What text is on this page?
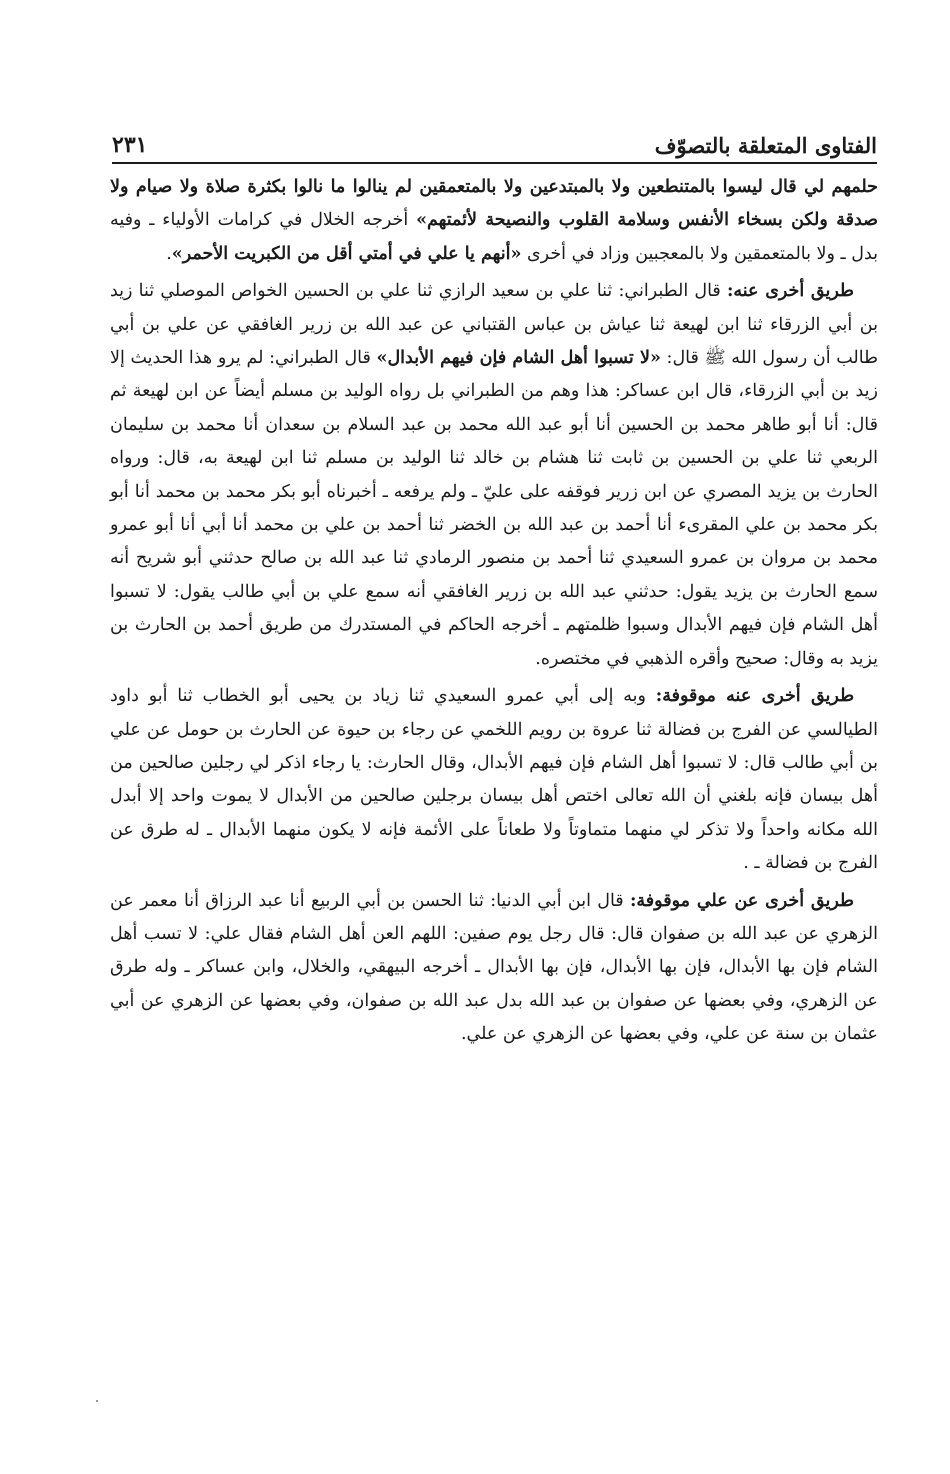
الفتاوى المتعلقة بالتصوّف
٢٣١

حلمهم لي قال ليسوا بالمتنطعين ولا بالمبتدعين ولا بالمتعمقين لم ينالوا ما نالوا بكثرة صلاة ولا صيام ولا صدقة ولكن بسخاء الأنفس وسلامة القلوب والنصيحة لأئمتهم» أخرجه الخلال في كرامات الأولياء ـ وفيه بدل ـ ولا بالمتعمقين ولا بالمعجبين وزاد في أخرى «أنهم يا علي في أمتي أقل من الكبريت الأحمر».

طريق أخرى عنه: قال الطبراني: ثنا علي بن سعيد الرازي ثنا علي بن الحسين الخواص الموصلي ثنا زيد بن أبي الزرقاء ثنا ابن لهيعة ثنا عياش بن عباس القتباني عن عبد الله بن زرير الغافقي عن علي بن أبي طالب أن رسول الله ﷺ قال: «لا تسبوا أهل الشام فإن فيهم الأبدال» قال الطبراني: لم يرو هذا الحديث إلا زيد بن أبي الزرقاء، قال ابن عساكر: هذا وهم من الطبراني بل رواه الوليد بن مسلم أيضاً عن ابن لهيعة ثم قال: أنا أبو طاهر محمد بن الحسين أنا أبو عبد الله محمد بن عبد السلام بن سعدان أنا محمد بن سليمان الربعي ثنا علي بن الحسين بن ثابت ثنا هشام بن خالد ثنا الوليد بن مسلم ثنا ابن لهيعة به، قال: ورواه الحارث بن يزيد المصري عن ابن زرير فوقفه على عليّ ـ ولم يرفعه ـ أخبرناه أبو بكر محمد بن محمد أنا أبو بكر محمد بن علي المقرىء أنا أحمد بن عبد الله بن الخضر ثنا أحمد بن علي بن محمد أنا أبي أنا أبو عمرو محمد بن مروان بن عمرو السعيدي ثنا أحمد بن منصور الرمادي ثنا عبد الله بن صالح حدثني أبو شريح أنه سمع الحارث بن يزيد يقول: حدثني عبد الله بن زرير الغافقي أنه سمع علي بن أبي طالب يقول: لا تسبوا أهل الشام فإن فيهم الأبدال وسبوا ظلمتهم ـ أخرجه الحاكم في المستدرك من طريق أحمد بن الحارث بن يزيد به وقال: صحيح وأقره الذهبي في مختصره.

طريق أخرى عنه موقوفة: وبه إلى أبي عمرو السعيدي ثنا زياد بن يحيى أبو الخطاب ثنا أبو داود الطيالسي عن الفرج بن فضالة ثنا عروة بن رويم اللخمي عن رجاء بن حيوة عن الحارث بن حومل عن علي بن أبي طالب قال: لا تسبوا أهل الشام فإن فيهم الأبدال، وقال الحارث: يا رجاء اذكر لي رجلين صالحين من أهل بيسان فإنه بلغني أن الله تعالى اختص أهل بيسان برجلين صالحين من الأبدال لا يموت واحد إلا أبدل الله مكانه واحداً ولا تذكر لي منهما متماوتاً ولا طعاناً على الأئمة فإنه لا يكون منهما الأبدال ـ له طرق عن الفرج بن فضالة ـ .

طريق أخرى عن علي موقوفة: قال ابن أبي الدنيا: ثنا الحسن بن أبي الربيع أنا عبد الرزاق أنا معمر عن الزهري عن عبد الله بن صفوان قال: قال رجل يوم صفين: اللهم العن أهل الشام فقال علي: لا تسب أهل الشام فإن بها الأبدال، فإن بها الأبدال، فإن بها الأبدال ـ أخرجه البيهقي، والخلال، وابن عساكر ـ وله طرق عن الزهري، وفي بعضها عن صفوان بن عبد الله بدل عبد الله بن صفوان، وفي بعضها عن الزهري عن أبي عثمان بن سنة عن علي، وفي بعضها عن الزهري عن علي.
